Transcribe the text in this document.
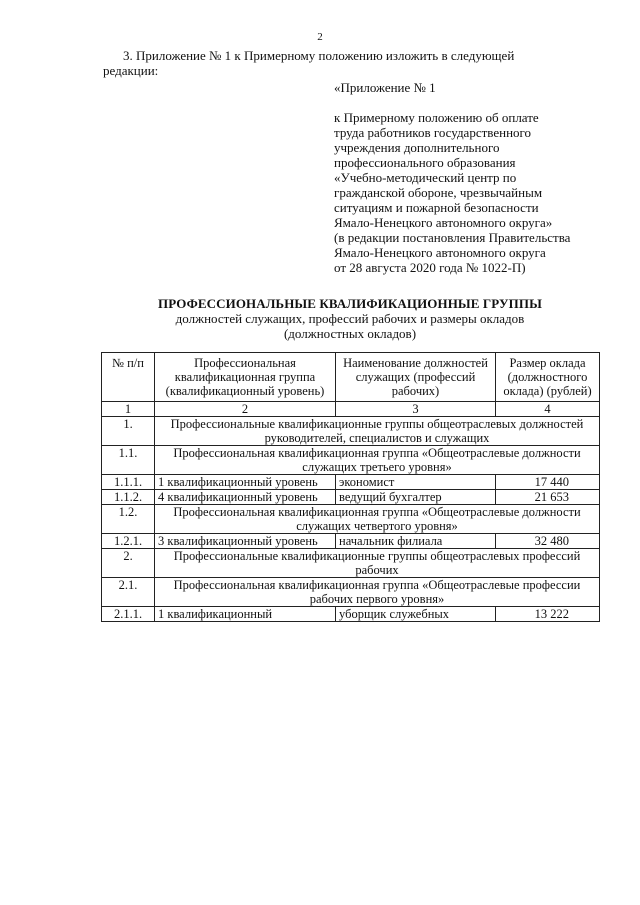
2
3. Приложение № 1 к Примерному положению изложить в следующей
редакции:
«Приложение № 1
к Примерному положению об оплате
труда работников государственного
учреждения дополнительного
профессионального образования
«Учебно-методический центр по
гражданской обороне, чрезвычайным
ситуациям и пожарной безопасности
Ямало-Ненецкого автономного округа»
(в редакции постановления Правительства
Ямало-Ненецкого автономного округа
от 28 августа 2020 года № 1022-П)
ПРОФЕССИОНАЛЬНЫЕ КВАЛИФИКАЦИОННЫЕ ГРУППЫ
должностей служащих, профессий рабочих и размеры окладов
(должностных окладов)
№ п/п	Профессиональная квалификационная группа (квалификационный уровень)	Наименование должностей служащих (профессий рабочих)	Размер оклада (должностного оклада) (рублей)
1	2	3	4
1.	Профессиональные квалификационные группы общеотраслевых должностей руководителей, специалистов и служащих		
1.1.	Профессиональная квалификационная группа «Общеотраслевые должности служащих третьего уровня»		
1.1.1.	1 квалификационный уровень	экономист	17 440
1.1.2.	4 квалификационный уровень	ведущий бухгалтер	21 653
1.2.	Профессиональная квалификационная группа «Общеотраслевые должности служащих четвертого уровня»		
1.2.1.	3 квалификационный уровень	начальник филиала	32 480
2.	Профессиональные квалификационные группы общеотраслевых профессий рабочих		
2.1.	Профессиональная квалификационная группа «Общеотраслевые профессии рабочих первого уровня»		
2.1.1.	1 квалификационный	уборщик служебных	13 222
